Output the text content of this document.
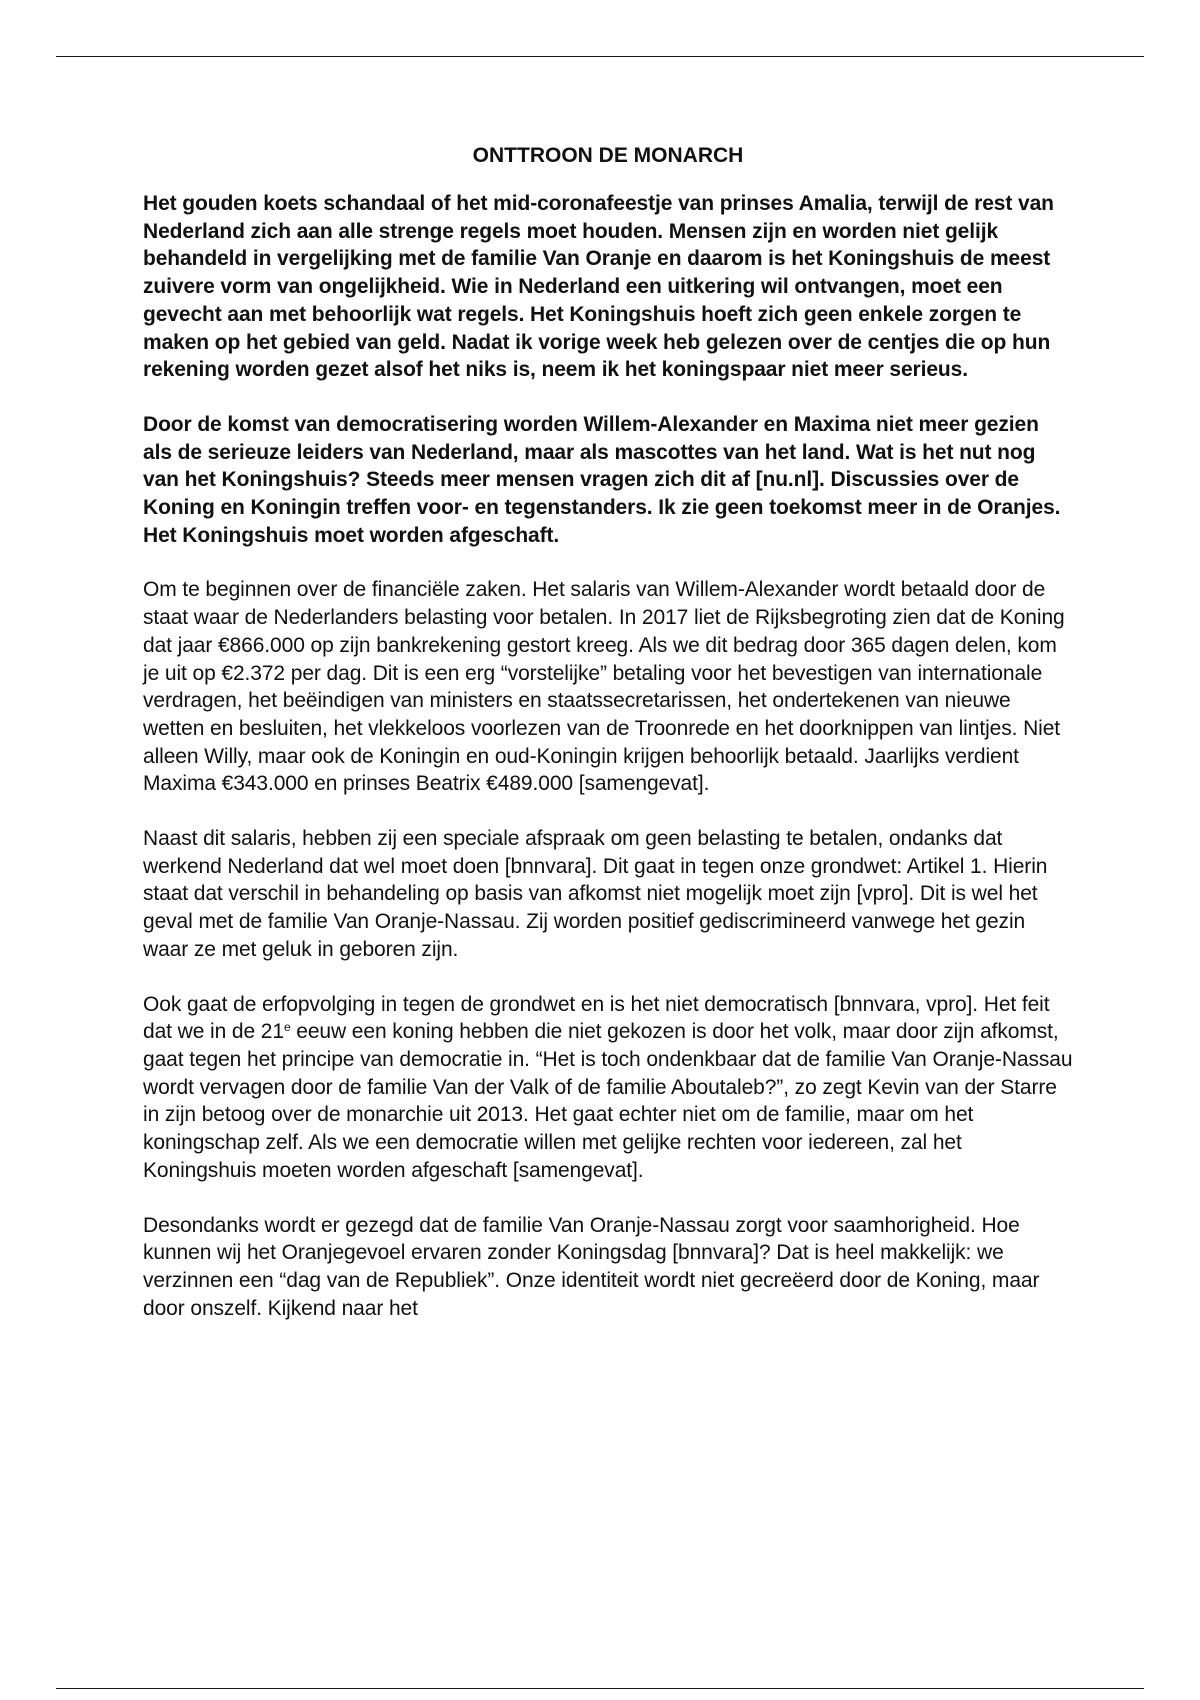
ONTTROON DE MONARCH

Het gouden koets schandaal of het mid-coronafeestje van prinses Amalia, terwijl de rest van Nederland zich aan alle strenge regels moet houden. Mensen zijn en worden niet gelijk behandeld in vergelijking met de familie Van Oranje en daarom is het Koningshuis de meest zuivere vorm van ongelijkheid. Wie in Nederland een uitkering wil ontvangen, moet een gevecht aan met behoorlijk wat regels. Het Koningshuis hoeft zich geen enkele zorgen te maken op het gebied van geld. Nadat ik vorige week heb gelezen over de centjes die op hun rekening worden gezet alsof het niks is, neem ik het koningspaar niet meer serieus.

Door de komst van democratisering worden Willem-Alexander en Maxima niet meer gezien als de serieuze leiders van Nederland, maar als mascottes van het land. Wat is het nut nog van het Koningshuis? Steeds meer mensen vragen zich dit af [nu.nl]. Discussies over de Koning en Koningin treffen voor- en tegenstanders. Ik zie geen toekomst meer in de Oranjes. Het Koningshuis moet worden afgeschaft.

Om te beginnen over de financiële zaken. Het salaris van Willem-Alexander wordt betaald door de staat waar de Nederlanders belasting voor betalen. In 2017 liet de Rijksbegroting zien dat de Koning dat jaar €866.000 op zijn bankrekening gestort kreeg. Als we dit bedrag door 365 dagen delen, kom je uit op €2.372 per dag. Dit is een erg “vorstelijke” betaling voor het bevestigen van internationale verdragen, het beëindigen van ministers en staatssecretarissen, het ondertekenen van nieuwe wetten en besluiten, het vlekkeloos voorlezen van de Troonrede en het doorknippen van lintjes. Niet alleen Willy, maar ook de Koningin en oud-Koningin krijgen behoorlijk betaald. Jaarlijks verdient Maxima €343.000 en prinses Beatrix €489.000 [samengevat].

Naast dit salaris, hebben zij een speciale afspraak om geen belasting te betalen, ondanks dat werkend Nederland dat wel moet doen [bnnvara]. Dit gaat in tegen onze grondwet: Artikel 1. Hierin staat dat verschil in behandeling op basis van afkomst niet mogelijk moet zijn [vpro]. Dit is wel het geval met de familie Van Oranje-Nassau. Zij worden positief gediscrimineerd vanwege het gezin waar ze met geluk in geboren zijn.

Ook gaat de erfopvolging in tegen de grondwet en is het niet democratisch [bnnvara, vpro]. Het feit dat we in de 21e eeuw een koning hebben die niet gekozen is door het volk, maar door zijn afkomst, gaat tegen het principe van democratie in. “Het is toch ondenkbaar dat de familie Van Oranje-Nassau wordt vervagen door de familie Van der Valk of de familie Aboutaleb?”, zo zegt Kevin van der Starre in zijn betoog over de monarchie uit 2013. Het gaat echter niet om de familie, maar om het koningschap zelf. Als we een democratie willen met gelijke rechten voor iedereen, zal het Koningshuis moeten worden afgeschaft [samengevat].

Desondanks wordt er gezegd dat de familie Van Oranje-Nassau zorgt voor saamhorigheid. Hoe kunnen wij het Oranjegevoel ervaren zonder Koningsdag [bnnvara]? Dat is heel makkelijk: we verzinnen een “dag van de Republiek”. Onze identiteit wordt niet gecreëerd door de Koning, maar door onszelf. Kijkend naar het
